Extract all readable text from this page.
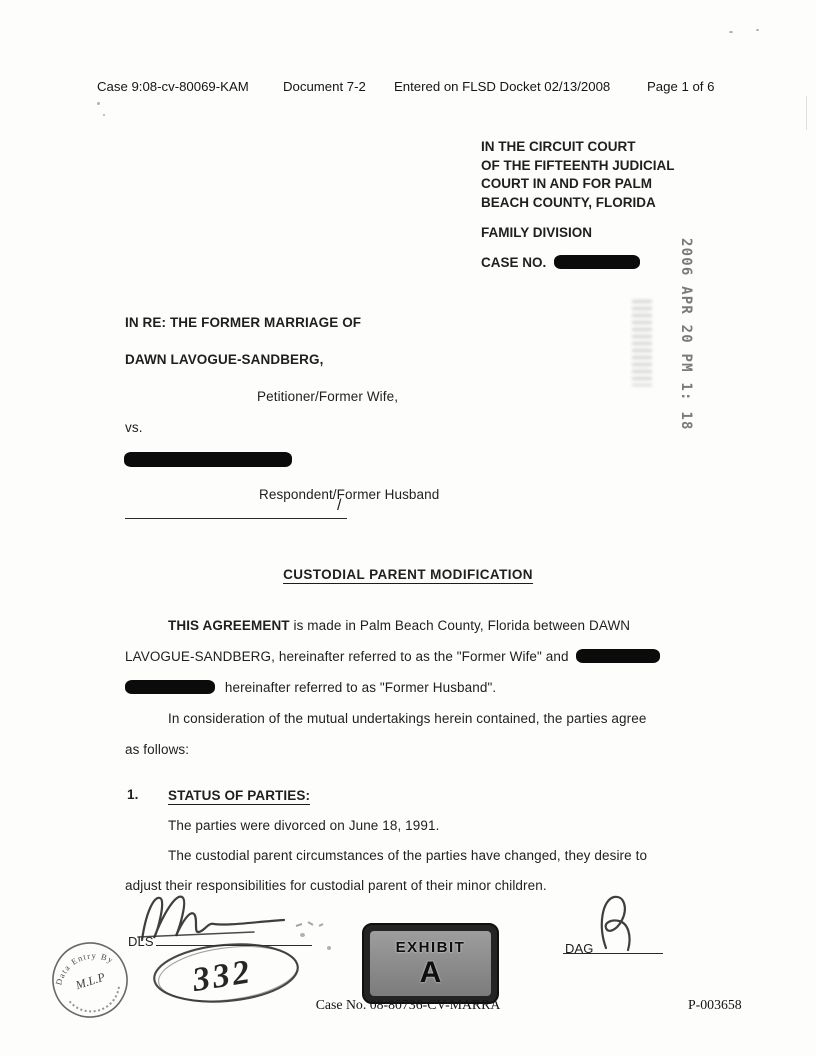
Case 9:08-cv-80069-KAM	Document 7-2 Entered on FLSD Docket 02/13/2008	Page 1 of 6
IN THE CIRCUIT COURT
OF THE FIFTEENTH JUDICIAL
COURT IN AND FOR PALM
BEACH COUNTY, FLORIDA
FAMILY DIVISION
CASE NO.	2006 APR 20 PM 1: 18
IN RE: THE FORMER MARRIAGE OF
DAWN LAVOGUE-SANDBERG,
Petitioner/Former Wife,
vs.
Respondent/Former Husband
/
CUSTODIAL PARENT MODIFICATION
THIS AGREEMENT is made in Palm Beach County, Florida between DAWN
LAVOGUE-SANDBERG, hereinafter referred to as the "Former Wife" and
hereinafter referred to as "Former Husband".
In consideration of the mutual undertakings herein contained, the parties agree
as follows:
1. STATUS OF PARTIES:
The parties were divorced on June 18, 1991.
The custodial parent circumstances of the parties have changed, they desire to
adjust their responsibilities for custodial parent of their minor children.
DLS
Data Entry By
M.L.P 332
EXHIBIT
A
DAG
Case No. 08-80736-CV-MARRA	P-003658
